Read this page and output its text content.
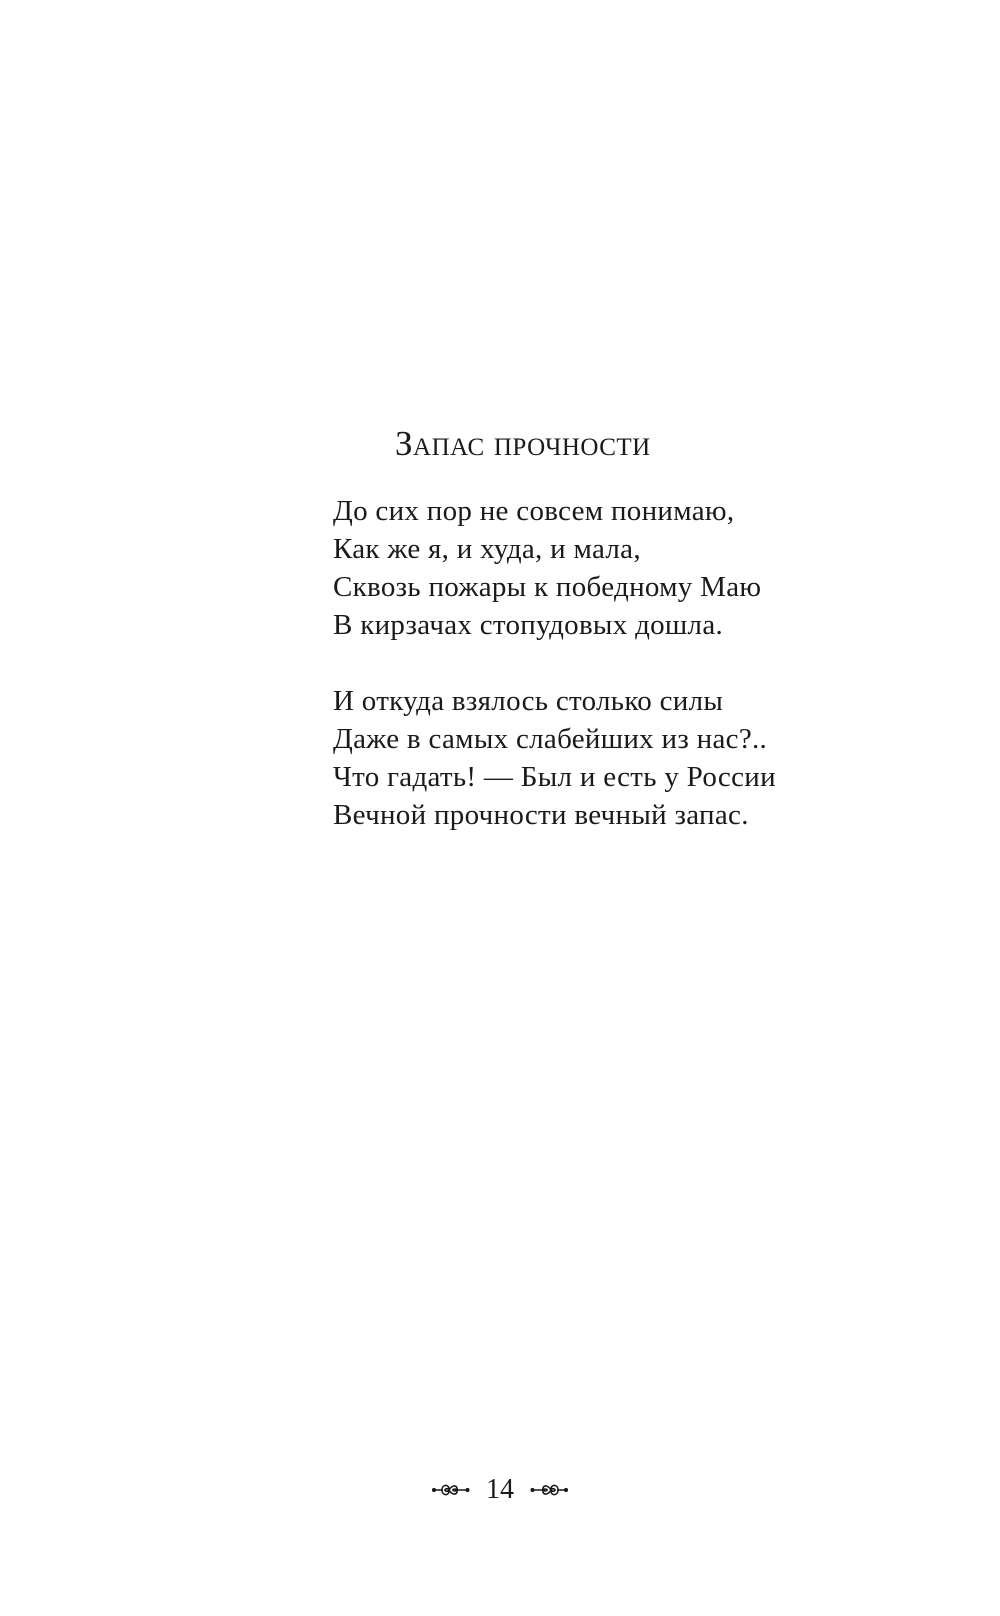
Запас прочности

До сих пор не совсем понимаю,
Как же я, и худа, и мала,
Сквозь пожары к победному Маю
В кирзачах стопудовых дошла.

И откуда взялось столько силы
Даже в самых слабейших из нас?..
Что гадать! — Был и есть у России
Вечной прочности вечный запас.

14
